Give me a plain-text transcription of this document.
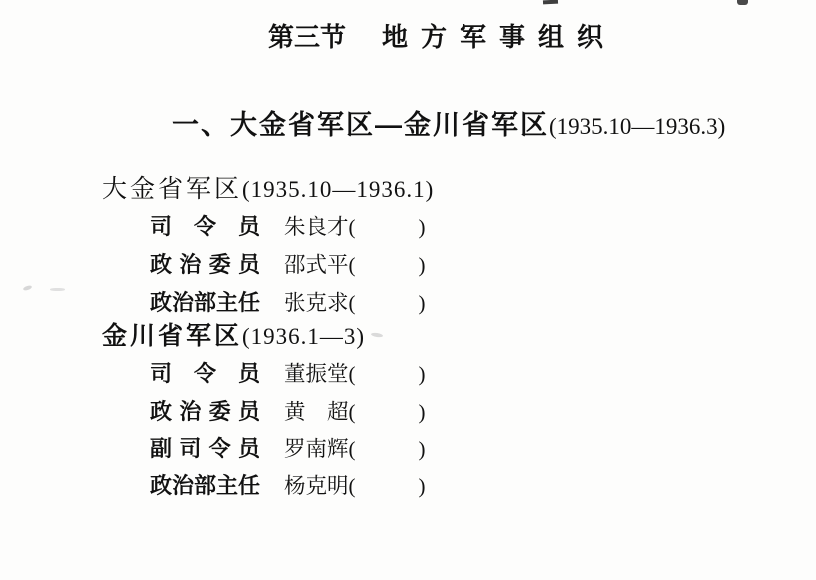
第三节 地方军事组织
一、大金省军区—金川省军区(1935.10—1936.3)
大金省军区(1935.10—1936.1)
司　令　员 朱良才(　　　)
政 治 委 员 邵式平(　　　)
政治部主任 张克求(　　　)
金川省军区(1936.1—3)
司　令　员 董振堂(　　　)
政 治 委 员 黄　超(　　　)
副 司 令 员 罗南辉(　　　)
政治部主任 杨克明(　　　)
